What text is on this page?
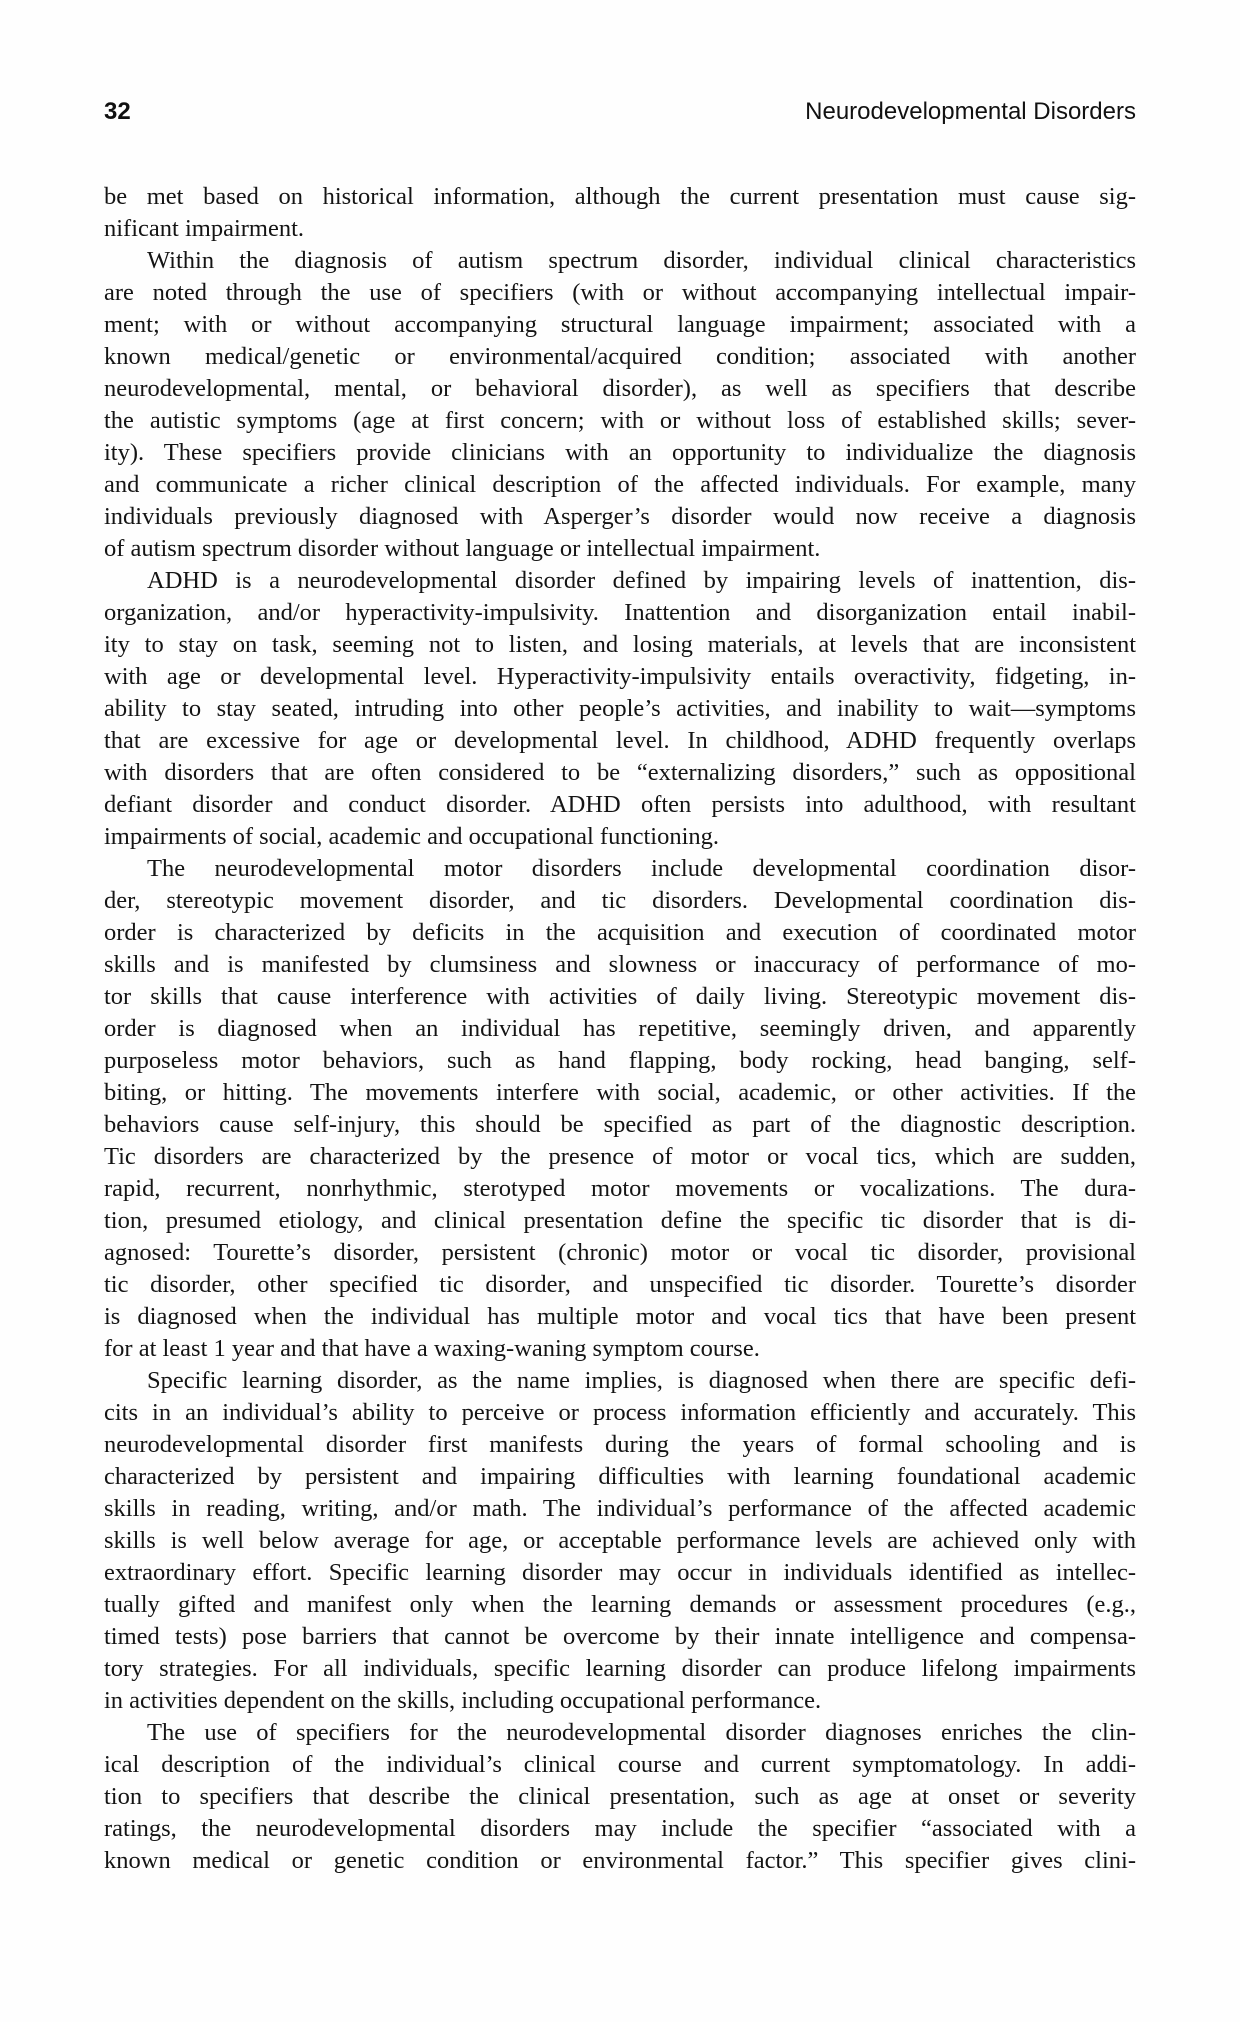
32	Neurodevelopmental Disorders
be met based on historical information, although the current presentation must cause sig-
nificant impairment.
Within the diagnosis of autism spectrum disorder, individual clinical characteristics
are noted through the use of specifiers (with or without accompanying intellectual impair-
ment; with or without accompanying structural language impairment; associated with a
known medical/genetic or environmental/acquired condition; associated with another
neurodevelopmental, mental, or behavioral disorder), as well as specifiers that describe
the autistic symptoms (age at first concern; with or without loss of established skills; sever-
ity). These specifiers provide clinicians with an opportunity to individualize the diagnosis
and communicate a richer clinical description of the affected individuals. For example, many
individuals previously diagnosed with Asperger’s disorder would now receive a diagnosis
of autism spectrum disorder without language or intellectual impairment.
ADHD is a neurodevelopmental disorder defined by impairing levels of inattention, dis-
organization, and/or hyperactivity-impulsivity. Inattention and disorganization entail inabil-
ity to stay on task, seeming not to listen, and losing materials, at levels that are inconsistent
with age or developmental level. Hyperactivity-impulsivity entails overactivity, fidgeting, in-
ability to stay seated, intruding into other people’s activities, and inability to wait—symptoms
that are excessive for age or developmental level. In childhood, ADHD frequently overlaps
with disorders that are often considered to be “externalizing disorders,” such as oppositional
defiant disorder and conduct disorder. ADHD often persists into adulthood, with resultant
impairments of social, academic and occupational functioning.
The neurodevelopmental motor disorders include developmental coordination disor-
der, stereotypic movement disorder, and tic disorders. Developmental coordination dis-
order is characterized by deficits in the acquisition and execution of coordinated motor
skills and is manifested by clumsiness and slowness or inaccuracy of performance of mo-
tor skills that cause interference with activities of daily living. Stereotypic movement dis-
order is diagnosed when an individual has repetitive, seemingly driven, and apparently
purposeless motor behaviors, such as hand flapping, body rocking, head banging, self-
biting, or hitting. The movements interfere with social, academic, or other activities. If the
behaviors cause self-injury, this should be specified as part of the diagnostic description.
Tic disorders are characterized by the presence of motor or vocal tics, which are sudden,
rapid, recurrent, nonrhythmic, sterotyped motor movements or vocalizations. The dura-
tion, presumed etiology, and clinical presentation define the specific tic disorder that is di-
agnosed: Tourette’s disorder, persistent (chronic) motor or vocal tic disorder, provisional
tic disorder, other specified tic disorder, and unspecified tic disorder. Tourette’s disorder
is diagnosed when the individual has multiple motor and vocal tics that have been present
for at least 1 year and that have a waxing-waning symptom course.
Specific learning disorder, as the name implies, is diagnosed when there are specific defi-
cits in an individual’s ability to perceive or process information efficiently and accurately. This
neurodevelopmental disorder first manifests during the years of formal schooling and is
characterized by persistent and impairing difficulties with learning foundational academic
skills in reading, writing, and/or math. The individual’s performance of the affected academic
skills is well below average for age, or acceptable performance levels are achieved only with
extraordinary effort. Specific learning disorder may occur in individuals identified as intellec-
tually gifted and manifest only when the learning demands or assessment procedures (e.g.,
timed tests) pose barriers that cannot be overcome by their innate intelligence and compensa-
tory strategies. For all individuals, specific learning disorder can produce lifelong impairments
in activities dependent on the skills, including occupational performance.
The use of specifiers for the neurodevelopmental disorder diagnoses enriches the clin-
ical description of the individual’s clinical course and current symptomatology. In addi-
tion to specifiers that describe the clinical presentation, such as age at onset or severity
ratings, the neurodevelopmental disorders may include the specifier “associated with a
known medical or genetic condition or environmental factor.” This specifier gives clini-
